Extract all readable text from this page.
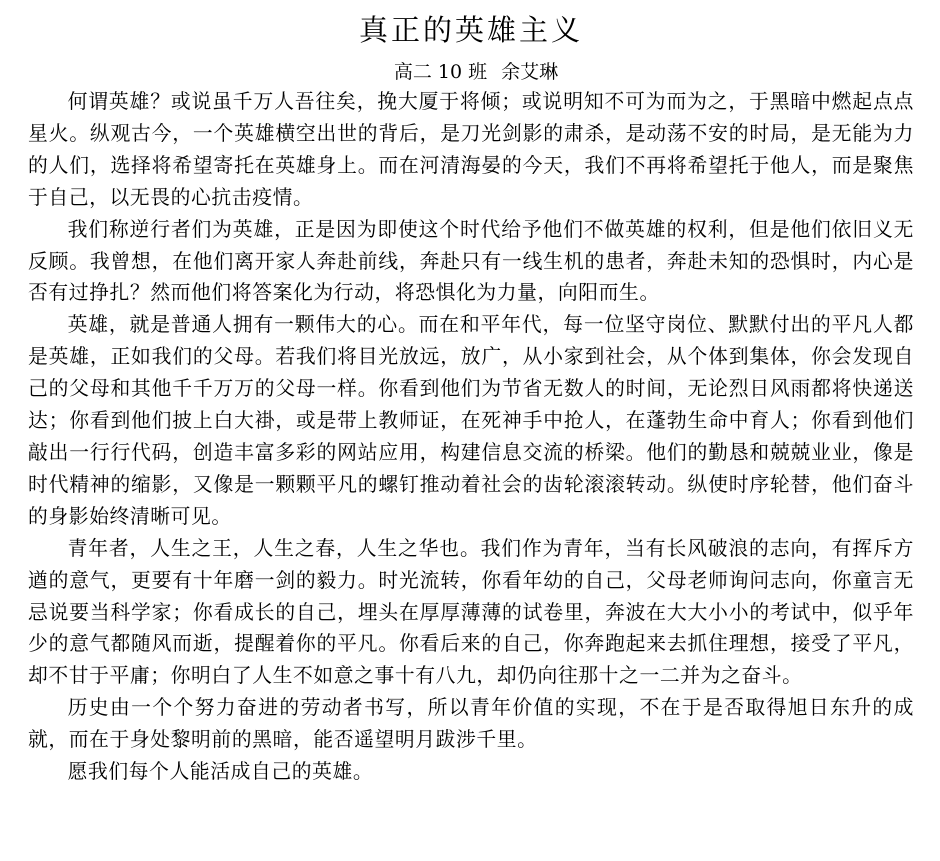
真正的英雄主义
高二 10 班 余艾琳

何谓英雄？或说虽千万人吾往矣，挽大厦于将倾；或说明知不可为而为之，于黑暗中燃起点点星火。纵观古今，一个英雄横空出世的背后，是刀光剑影的肃杀，是动荡不安的时局，是无能为力的人们，选择将希望寄托在英雄身上。而在河清海晏的今天，我们不再将希望托于他人，而是聚焦于自己，以无畏的心抗击疫情。

我们称逆行者们为英雄，正是因为即使这个时代给予他们不做英雄的权利，但是他们依旧义无反顾。我曾想，在他们离开家人奔赴前线，奔赴只有一线生机的患者，奔赴未知的恐惧时，内心是否有过挣扎？然而他们将答案化为行动，将恐惧化为力量，向阳而生。

英雄，就是普通人拥有一颗伟大的心。而在和平年代，每一位坚守岗位、默默付出的平凡人都是英雄，正如我们的父母。若我们将目光放远，放广，从小家到社会，从个体到集体，你会发现自己的父母和其他千千万万的父母一样。你看到他们为节省无数人的时间，无论烈日风雨都将快递送达；你看到他们披上白大褂，或是带上教师证，在死神手中抢人，在蓬勃生命中育人；你看到他们敲出一行行代码，创造丰富多彩的网站应用，构建信息交流的桥梁。他们的勤恳和兢兢业业，像是时代精神的缩影，又像是一颗颗平凡的螺钉推动着社会的齿轮滚滚转动。纵使时序轮替，他们奋斗的身影始终清晰可见。

青年者，人生之王，人生之春，人生之华也。我们作为青年，当有长风破浪的志向，有挥斥方遒的意气，更要有十年磨一剑的毅力。时光流转，你看年幼的自己，父母老师询问志向，你童言无忌说要当科学家；你看成长的自己，埋头在厚厚薄薄的试卷里，奔波在大大小小的考试中，似乎年少的意气都随风而逝，提醒着你的平凡。你看后来的自己，你奔跑起来去抓住理想，接受了平凡，却不甘于平庸；你明白了人生不如意之事十有八九，却仍向往那十之一二并为之奋斗。

历史由一个个努力奋进的劳动者书写，所以青年价值的实现，不在于是否取得旭日东升的成就，而在于身处黎明前的黑暗，能否遥望明月跋涉千里。

愿我们每个人能活成自己的英雄。
